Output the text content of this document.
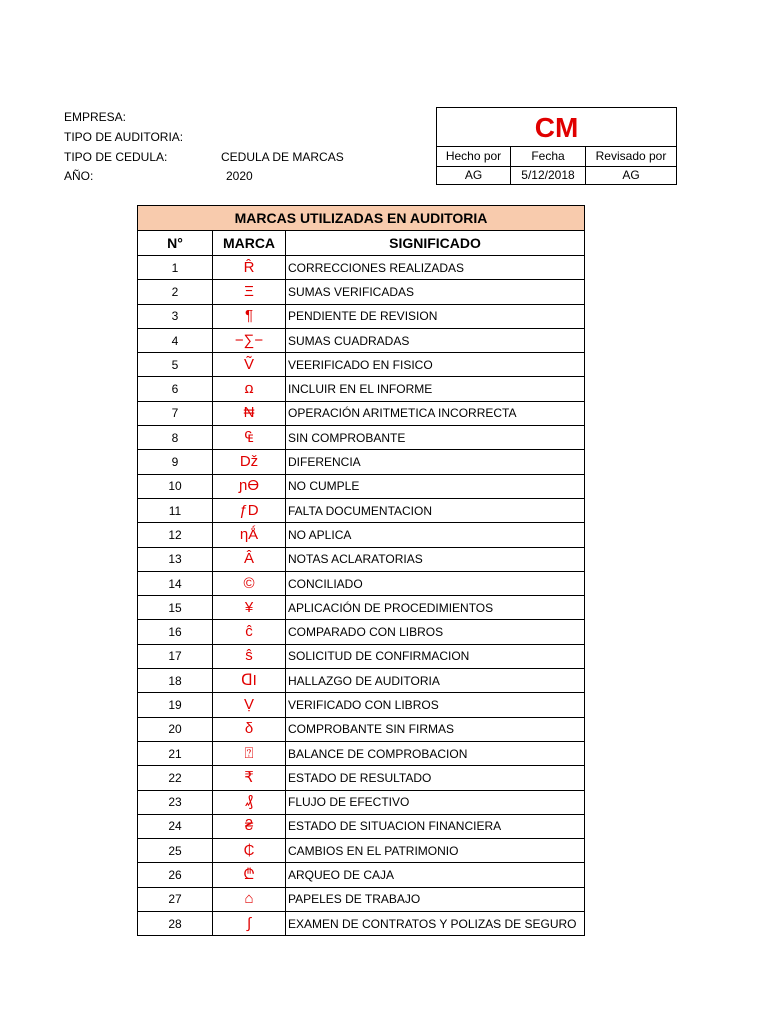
EMPRESA:
TIPO DE AUDITORIA:
TIPO DE CEDULA:	CEDULA DE MARCAS
AÑO:	2020
CM
Hecho por	Fecha	Revisado por
AG	5/12/2018	AG
MARCAS UTILIZADAS EN AUDITORIA		
N°	MARCA	SIGNIFICADO
1	R̂	CORRECCIONES REALIZADAS
2	Ξ	SUMAS VERIFICADAS
3	¶	PENDIENTE DE REVISION
4	−∑−	SUMAS CUADRADAS
5	Ṽ	VEERIFICADO EN FISICO
6	ꭥ	INCLUIR EN EL INFORME
7	₦	OPERACIÓN ARITMETICA INCORRECTA
8	₠	SIN COMPROBANTE
9	Dž	DIFERENCIA
10	ɲϴ	NO CUMPLE
11	ƒD	FALTA DOCUMENTACION
12	ƞǺ	NO APLICA
13	Â	NOTAS ACLARATORIAS
14	©	CONCILIADO
15	¥	APLICACIÓN DE PROCEDIMIENTOS
16	ĉ	COMPARADO CON LIBROS
17	ŝ	SOLICITUD DE CONFIRMACION
18	ᗡI	HALLAZGO DE AUDITORIA
19	Ṿ	VERIFICADO CON LIBROS
20	δ	COMPROBANTE SIN FIRMAS
21	⍰	BALANCE DE COMPROBACION
22	₹	ESTADO DE RESULTADO
23	₰	FLUJO DE EFECTIVO
24	₴	ESTADO DE SITUACION FINANCIERA
25	₵	CAMBIOS EN EL PATRIMONIO
26	₾	ARQUEO DE CAJA
27	⌂	PAPELES DE TRABAJO
28	∫	EXAMEN DE CONTRATOS Y POLIZAS DE SEGURO
